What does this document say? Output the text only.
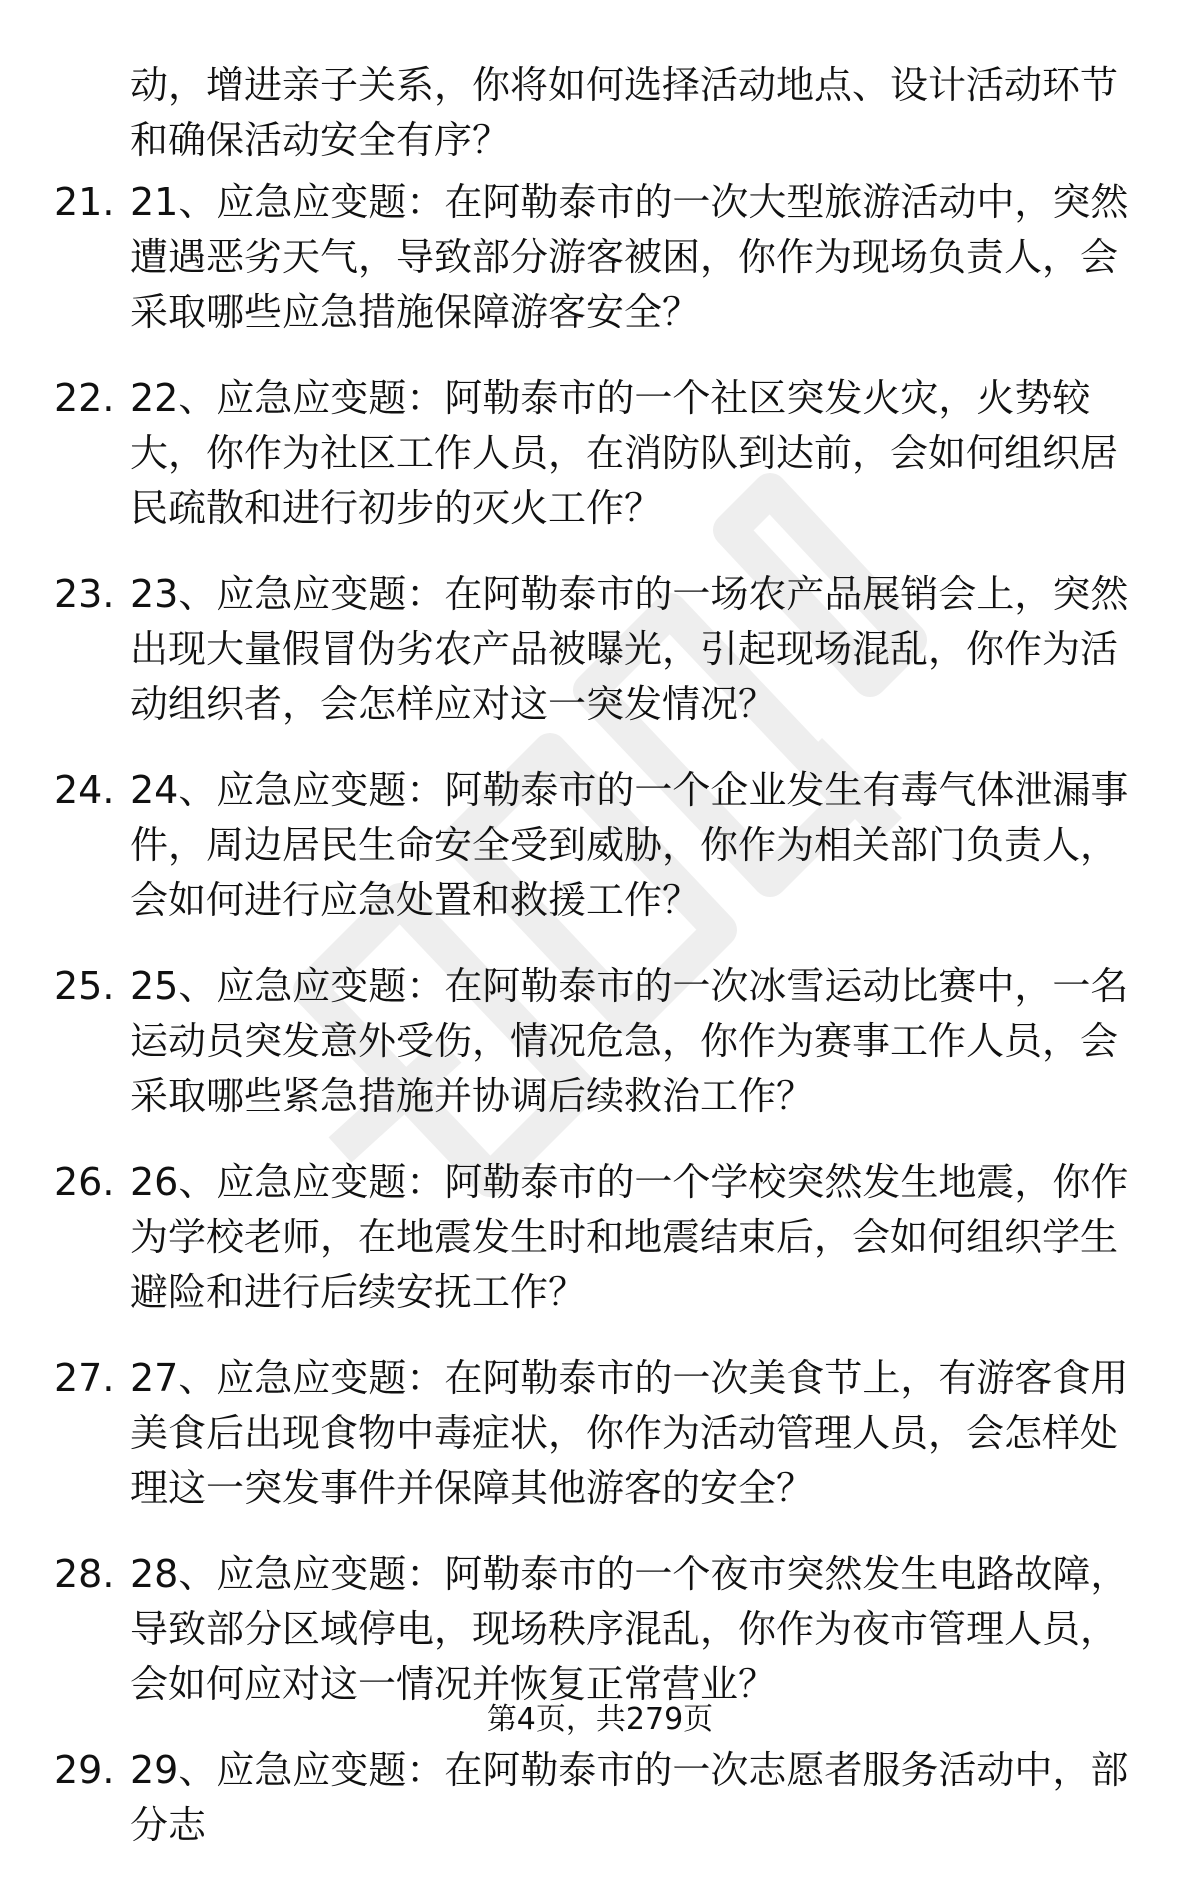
动，增进亲子关系，你将如何选择活动地点、设计活动环节和确保活动安全有序？
21. 21、应急应变题：在阿勒泰市的一次大型旅游活动中，突然遭遇恶劣天气，导致部分游客被困，你作为现场负责人，会采取哪些应急措施保障游客安全？
22. 22、应急应变题：阿勒泰市的一个社区突发火灾，火势较大，你作为社区工作人员，在消防队到达前，会如何组织居民疏散和进行初步的灭火工作？
23. 23、应急应变题：在阿勒泰市的一场农产品展销会上，突然出现大量假冒伪劣农产品被曝光，引起现场混乱，你作为活动组织者，会怎样应对这一突发情况？
24. 24、应急应变题：阿勒泰市的一个企业发生有毒气体泄漏事件，周边居民生命安全受到威胁，你作为相关部门负责人，会如何进行应急处置和救援工作？
25. 25、应急应变题：在阿勒泰市的一次冰雪运动比赛中，一名运动员突发意外受伤，情况危急，你作为赛事工作人员，会采取哪些紧急措施并协调后续救治工作？
26. 26、应急应变题：阿勒泰市的一个学校突然发生地震，你作为学校老师，在地震发生时和地震结束后，会如何组织学生避险和进行后续安抚工作？
27. 27、应急应变题：在阿勒泰市的一次美食节上，有游客食用美食后出现食物中毒症状，你作为活动管理人员，会怎样处理这一突发事件并保障其他游客的安全？
28. 28、应急应变题：阿勒泰市的一个夜市突然发生电路故障，导致部分区域停电，现场秩序混乱，你作为夜市管理人员，会如何应对这一情况并恢复正常营业？
29. 29、应急应变题：在阿勒泰市的一次志愿者服务活动中，部分志
第4页，共279页
